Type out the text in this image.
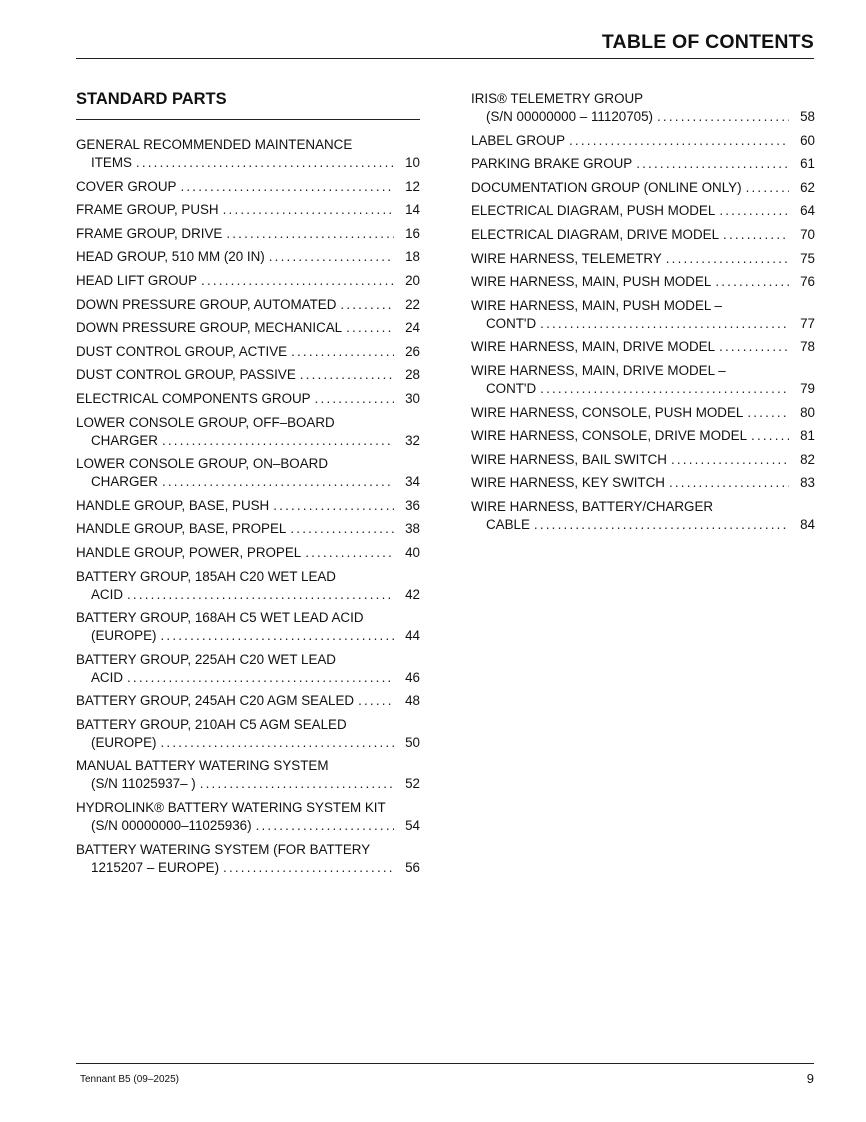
TABLE OF CONTENTS
STANDARD PARTS
GENERAL RECOMMENDED MAINTENANCE
ITEMS .....	10
COVER GROUP .....	12
FRAME GROUP, PUSH .....	14
FRAME GROUP, DRIVE .....	16
HEAD GROUP, 510 MM (20 IN) .....	18
HEAD LIFT GROUP .....	20
DOWN PRESSURE GROUP, AUTOMATED .....	22
DOWN PRESSURE GROUP, MECHANICAL .....	24
DUST CONTROL GROUP, ACTIVE .....	26
DUST CONTROL GROUP, PASSIVE .....	28
ELECTRICAL COMPONENTS GROUP .....	30
LOWER CONSOLE GROUP, OFF–BOARD
CHARGER .....	32
LOWER CONSOLE GROUP, ON–BOARD
CHARGER .....	34
HANDLE GROUP, BASE, PUSH .....	36
HANDLE GROUP, BASE, PROPEL .....	38
HANDLE GROUP, POWER, PROPEL .....	40
BATTERY GROUP, 185AH C20 WET LEAD
ACID .....	42
BATTERY GROUP, 168AH C5 WET LEAD ACID
(EUROPE) .....	44
BATTERY GROUP, 225AH C20 WET LEAD
ACID .....	46
BATTERY GROUP, 245AH C20 AGM SEALED .....	48
BATTERY GROUP, 210AH C5 AGM SEALED
(EUROPE) .....	50
MANUAL BATTERY WATERING SYSTEM
(S/N 11025937– ) .....	52
HYDROLINK® BATTERY WATERING SYSTEM KIT
(S/N 00000000–11025936) .....	54
BATTERY WATERING SYSTEM (FOR BATTERY
1215207 – EUROPE) .....	56
IRIS® TELEMETRY GROUP
(S/N 00000000 – 11120705) .....	58
LABEL GROUP .....	60
PARKING BRAKE GROUP .....	61
DOCUMENTATION GROUP (ONLINE ONLY) .....	62
ELECTRICAL DIAGRAM, PUSH MODEL .....	64
ELECTRICAL DIAGRAM, DRIVE MODEL .....	70
WIRE HARNESS, TELEMETRY .....	75
WIRE HARNESS, MAIN, PUSH MODEL .....	76
WIRE HARNESS, MAIN, PUSH MODEL –
CONT'D .....	77
WIRE HARNESS, MAIN, DRIVE MODEL .....	78
WIRE HARNESS, MAIN, DRIVE MODEL –
CONT'D .....	79
WIRE HARNESS, CONSOLE, PUSH MODEL .....	80
WIRE HARNESS, CONSOLE, DRIVE MODEL .....	81
WIRE HARNESS, BAIL SWITCH .....	82
WIRE HARNESS, KEY SWITCH .....	83
WIRE HARNESS, BATTERY/CHARGER
CABLE .....	84
Tennant B5 (09–2025)	9
